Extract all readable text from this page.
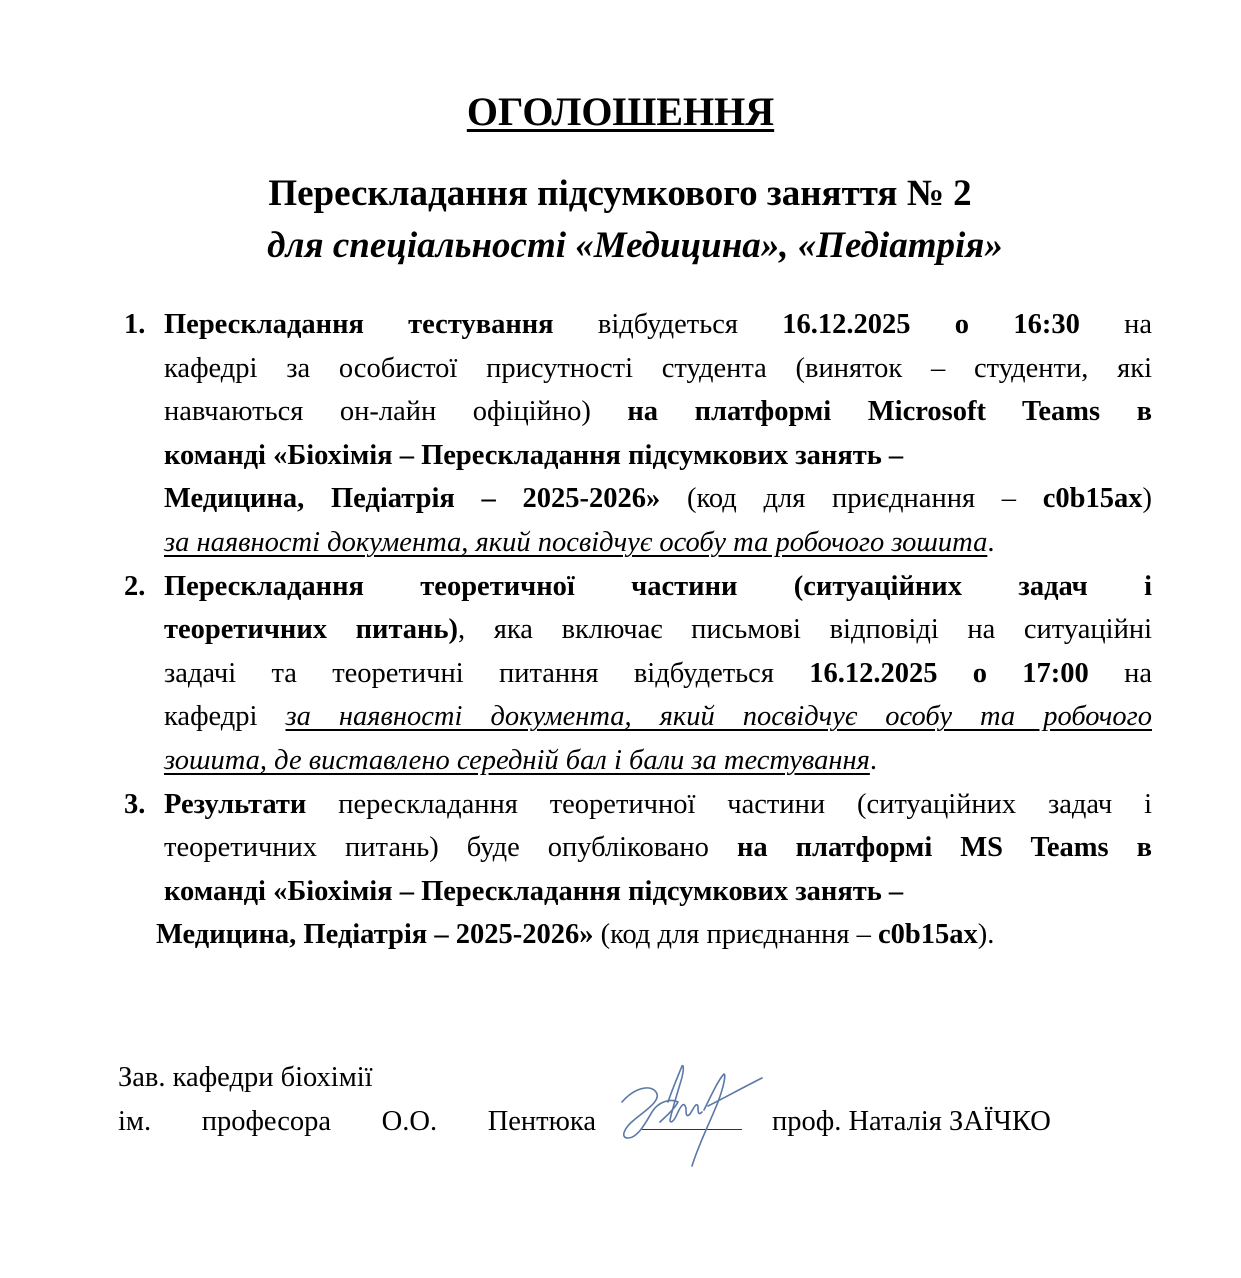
ОГОЛОШЕННЯ
Перескладання підсумкового заняття № 2
для спеціальності «Медицина», «Педіатрія»
1. Перескладання тестування відбудеться 16.12.2025 о 16:30 на
кафедрі за особистої присутності студента (виняток – студенти, які
навчаються он-лайн офіційно) на платформі Microsoft Teams в
команді «Біохімія – Перескладання підсумкових занять –
Медицина, Педіатрія – 2025-2026» (код для приєднання – c0b15ax)
за наявності документа, який посвідчує особу та робочого зошита.
2. Перескладання теоретичної частини (ситуаційних задач і
теоретичних питань), яка включає письмові відповіді на ситуаційні
задачі та теоретичні питання відбудеться 16.12.2025 о 17:00 на
кафедрі за наявності документа, який посвідчує особу та робочого
зошита, де виставлено середній бал і бали за тестування.
3. Результати перескладання теоретичної частини (ситуаційних задач і
теоретичних питань) буде опубліковано на платформі MS Teams в
команді «Біохімія – Перескладання підсумкових занять –
Медицина, Педіатрія – 2025-2026» (код для приєднання – c0b15ax).
Зав. кафедри біохімії
ім. професора О.О. Пентюка	проф. Наталія ЗАЇЧКО
